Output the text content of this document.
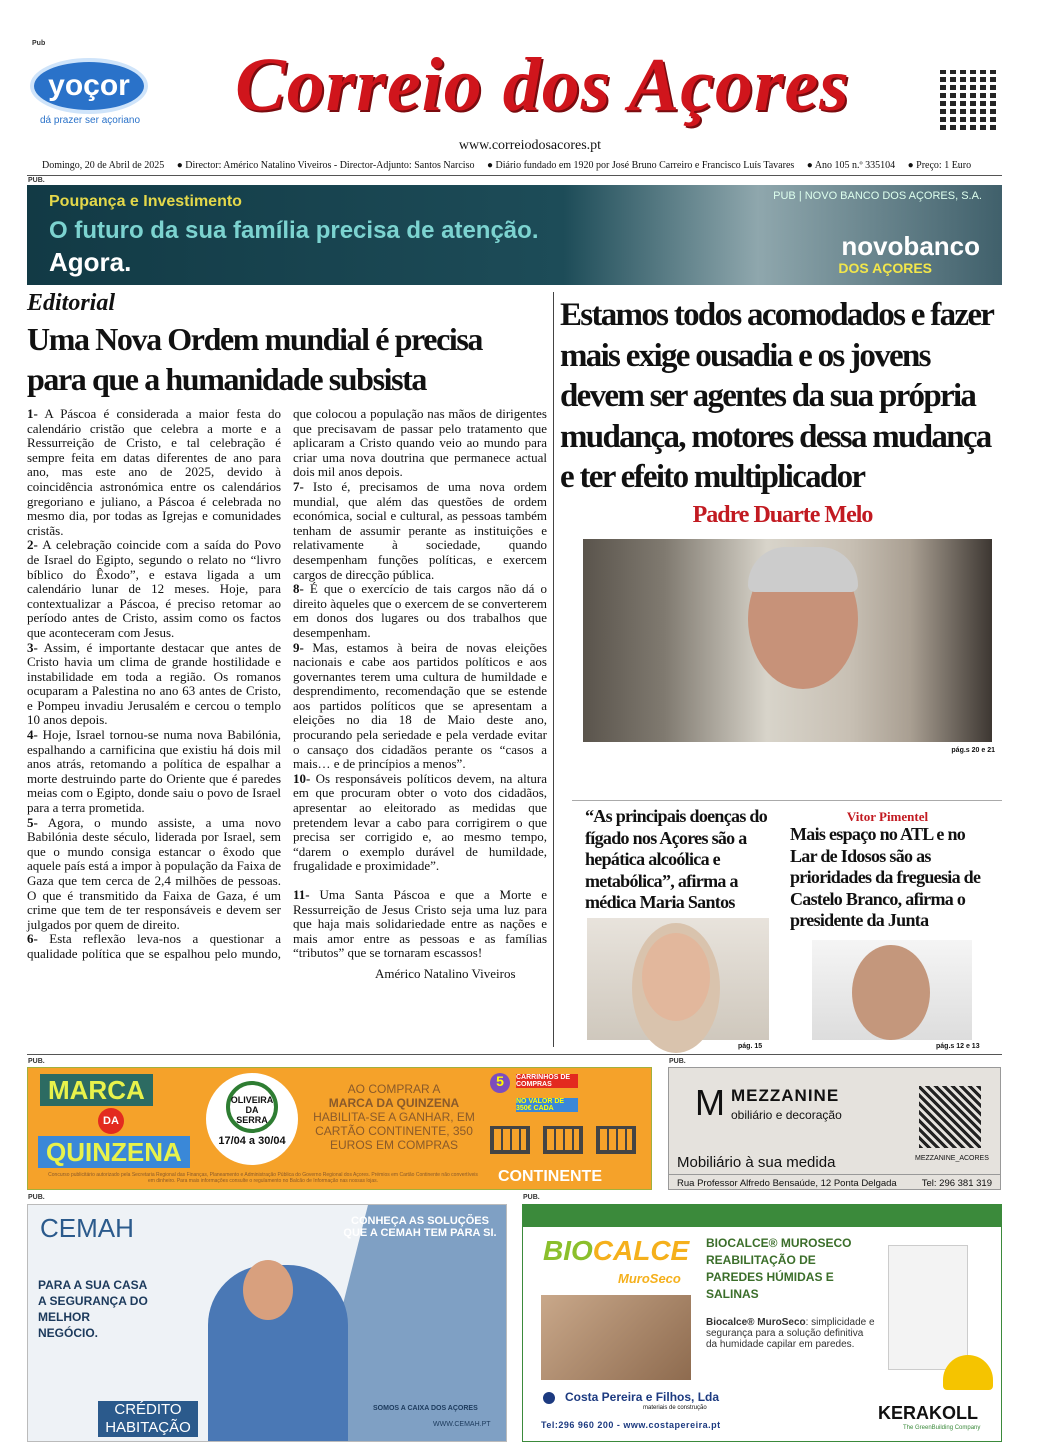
Pub
yoçor
dá prazer ser açoriano	Correio dos Açores
www.correiodosacores.pt
Domingo, 20 de Abril de 2025 ● Director: Américo Natalino Viveiros - Director-Adjunto: Santos Narciso ● Diário fundado em 1920 por José Bruno Carreiro e Francisco Luís Tavares ● Ano 105 n.º 335104 ● Preço: 1 Euro
PUB.
Poupança e Investimento
O futuro da sua família precisa de atenção.
Agora.
PUB | NOVO BANCO DOS AÇORES, S.A.
novobanco
DOS AÇORES
Editorial
Uma Nova Ordem mundial é precisa para que a humanidade subsista

1- A Páscoa é considerada a maior festa do calendário cristão que celebra a morte e a Ressurreição de Cristo, e tal celebração é sempre feita em datas diferentes de ano para ano, mas este ano de 2025, devido à coincidência astronómica entre os calendários gregoriano e juliano, a Páscoa é celebrada no mesmo dia, por todas as Igrejas e comunidades cristãs.

2- A celebração coincide com a saída do Povo de Israel do Egipto, segundo o relato no “livro bíblico do Êxodo”, e estava ligada a um calendário lunar de 12 meses. Hoje, para contextualizar a Páscoa, é preciso retomar ao período antes de Cristo, assim como os factos que aconteceram com Jesus.

3- Assim, é importante destacar que antes de Cristo havia um clima de grande hostilidade e instabilidade em toda a região. Os romanos ocuparam a Palestina no ano 63 antes de Cristo, e Pompeu invadiu Jerusalém e cercou o templo 10 anos depois.

4- Hoje, Israel tornou-se numa nova Babilónia, espalhando a carnificina que existiu há dois mil anos atrás, retomando a política de espalhar a morte destruindo parte do Oriente que é paredes meias com o Egipto, donde saiu o povo de Israel para a terra prometida.

5- Agora, o mundo assiste, a uma novo Babilónia deste século, liderada por Israel, sem que o mundo consiga estancar o êxodo que aquele país está a impor à população da Faixa de Gaza que tem cerca de 2,4 milhões de pessoas. O que é transmitido da Faixa de Gaza, é um crime que tem de ter responsáveis e devem ser julgados por quem de direito.

6- Esta reflexão leva-nos a questionar a qualidade política que se espalhou pelo mundo, que colocou a população nas mãos de dirigentes que precisavam de passar pelo tratamento que aplicaram a Cristo quando veio ao mundo para criar uma nova doutrina que permanece actual dois mil anos depois.

7- Isto é, precisamos de uma nova ordem mundial, que além das questões de ordem económica, social e cultural, as pessoas também tenham de assumir perante as instituições e relativamente à sociedade, quando desempenham funções políticas, e exercem cargos de direcção pública.

8- É que o exercício de tais cargos não dá o direito àqueles que o exercem de se converterem em donos dos lugares ou dos trabalhos que desempenham.

9- Mas, estamos à beira de novas eleições nacionais e cabe aos partidos políticos e aos governantes terem uma cultura de humildade e desprendimento, recomendação que se estende aos partidos políticos que se apresentam a eleições no dia 18 de Maio deste ano, procurando pela seriedade e pela verdade evitar o cansaço dos cidadãos perante os “casos a mais… e de princípios a menos”.

10- Os responsáveis políticos devem, na altura em que procuram obter o voto dos cidadãos, apresentar ao eleitorado as medidas que pretendem levar a cabo para corrigirem o que precisa ser corrigido e, ao mesmo tempo, “darem o exemplo durável de humildade, frugalidade e proximidade”.

11- Uma Santa Páscoa e que a Morte e Ressurreição de Jesus Cristo seja uma luz para que haja mais solidariedade entre as nações e mais amor entre as pessoas e as famílias “tributos” que se tornaram escassos!

Américo Natalino Viveiros
Estamos todos acomodados e fazer mais exige ousadia e os jovens devem ser agentes da sua própria mudança, motores dessa mudança e ter efeito multiplicador
Padre Duarte Melo
pág.s 20 e 21
“As principais doenças do fígado nos Açores são a hepática alcoólica e metabólica”, afirma a médica Maria Santos
pág. 15
Vitor Pimentel
Mais espaço no ATL e no Lar de Idosos são as prioridades da freguesia de Castelo Branco, afirma o presidente da Junta
pág.s 12 e 13
PUB.
MARCA
DA
QUINZENA
OLIVEIRA DA SERRA
17/04 a 30/04
AO COMPRAR A
MARCA DA QUINZENA
HABILITA-SE A GANHAR, EM CARTÃO CONTINENTE, 350 EUROS EM COMPRAS
5	CARRINHOS DE COMPRAS
NO VALOR DE 350€ CADA
CONTINENTE
Concurso publicitário autorizado pela Secretaria Regional das Finanças, Planeamento e Administração Pública do Governo Regional dos Açores. Prémios em Cartão Continente não convertíveis em dinheiro. Para mais informações consulte o regulamento no Balcão de Informação nas nossas lojas.
PUB.
M MEZZANINE
obiliário e decoração
Mobiliário à sua medida	MEZZANINE_ACORES
Rua Professor Alfredo Bensaúde, 12 Ponta Delgada	Tel: 296 381 319
PUB.
CEMAH	CONHEÇA AS SOLUÇÕES QUE A CEMAH TEM PARA SI.
PARA A SUA CASA A SEGURANÇA DO MELHOR NEGÓCIO.
CRÉDITO HABITAÇÃO
SOMOS A CAIXA DOS AÇORES
WWW.CEMAH.PT
PUB.
BIOCALCE
MuroSeco
BIOCALCE® MUROSECO REABILITAÇÃO DE PAREDES HÚMIDAS E SALINAS
Biocalce® MuroSeco: simplicidade e segurança para a solução definitiva da humidade capilar em paredes.
Costa Pereira e Filhos, Lda
materiais de construção
Tel:296 960 200 - www.costapereira.pt
KERAKOLL
The GreenBuilding Company
